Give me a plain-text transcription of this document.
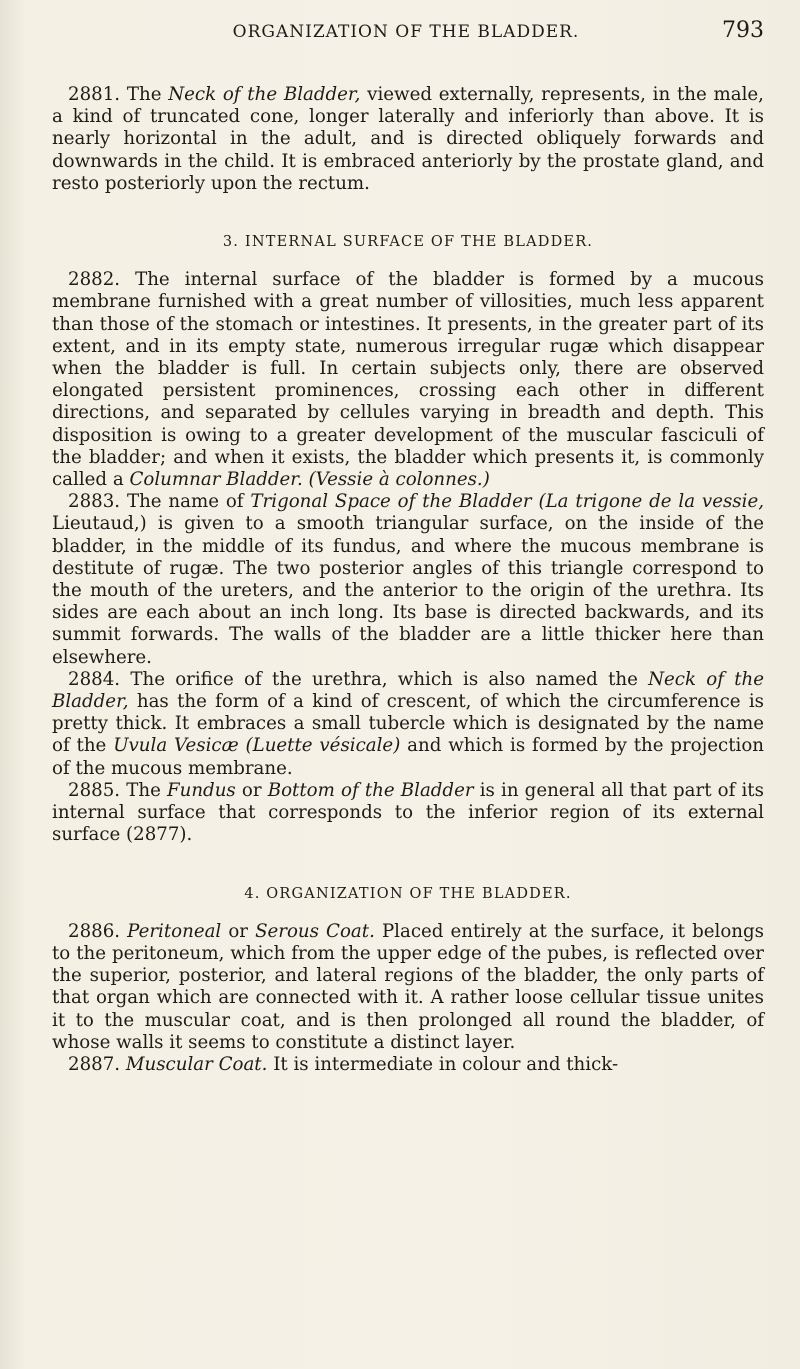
ORGANIZATION OF THE BLADDER.	793

2881. The Neck of the Bladder, viewed externally, represents, in the male, a kind of truncated cone, longer laterally and inferiorly than above. It is nearly horizontal in the adult, and is directed obliquely forwards and downwards in the child. It is embraced anteriorly by the prostate gland, and resto posteriorly upon the rectum.

3. INTERNAL SURFACE OF THE BLADDER.

2882. The internal surface of the bladder is formed by a mucous membrane furnished with a great number of villosities, much less apparent than those of the stomach or intestines. It presents, in the greater part of its extent, and in its empty state, numerous irregular rugæ which disappear when the bladder is full. In certain subjects only, there are observed elongated persistent prominences, crossing each other in different directions, and separated by cellules varying in breadth and depth. This disposition is owing to a greater development of the muscular fasciculi of the bladder; and when it exists, the bladder which presents it, is commonly called a Columnar Bladder. (Vessie à colonnes.)

2883. The name of Trigonal Space of the Bladder (La trigone de la vessie, Lieutaud,) is given to a smooth triangular surface, on the inside of the bladder, in the middle of its fundus, and where the mucous membrane is destitute of rugæ. The two posterior angles of this triangle correspond to the mouth of the ureters, and the anterior to the origin of the urethra. Its sides are each about an inch long. Its base is directed backwards, and its summit forwards. The walls of the bladder are a little thicker here than elsewhere.

2884. The orifice of the urethra, which is also named the Neck of the Bladder, has the form of a kind of crescent, of which the circumference is pretty thick. It embraces a small tubercle which is designated by the name of the Uvula Vesicæ (Luette vésicale) and which is formed by the projection of the mucous membrane.

2885. The Fundus or Bottom of the Bladder is in general all that part of its internal surface that corresponds to the inferior region of its external surface (2877).

4. ORGANIZATION OF THE BLADDER.

2886. Peritoneal or Serous Coat. Placed entirely at the surface, it belongs to the peritoneum, which from the upper edge of the pubes, is reflected over the superior, posterior, and lateral regions of the bladder, the only parts of that organ which are connected with it. A rather loose cellular tissue unites it to the muscular coat, and is then prolonged all round the bladder, of whose walls it seems to constitute a distinct layer.

2887. Muscular Coat. It is intermediate in colour and thick-
